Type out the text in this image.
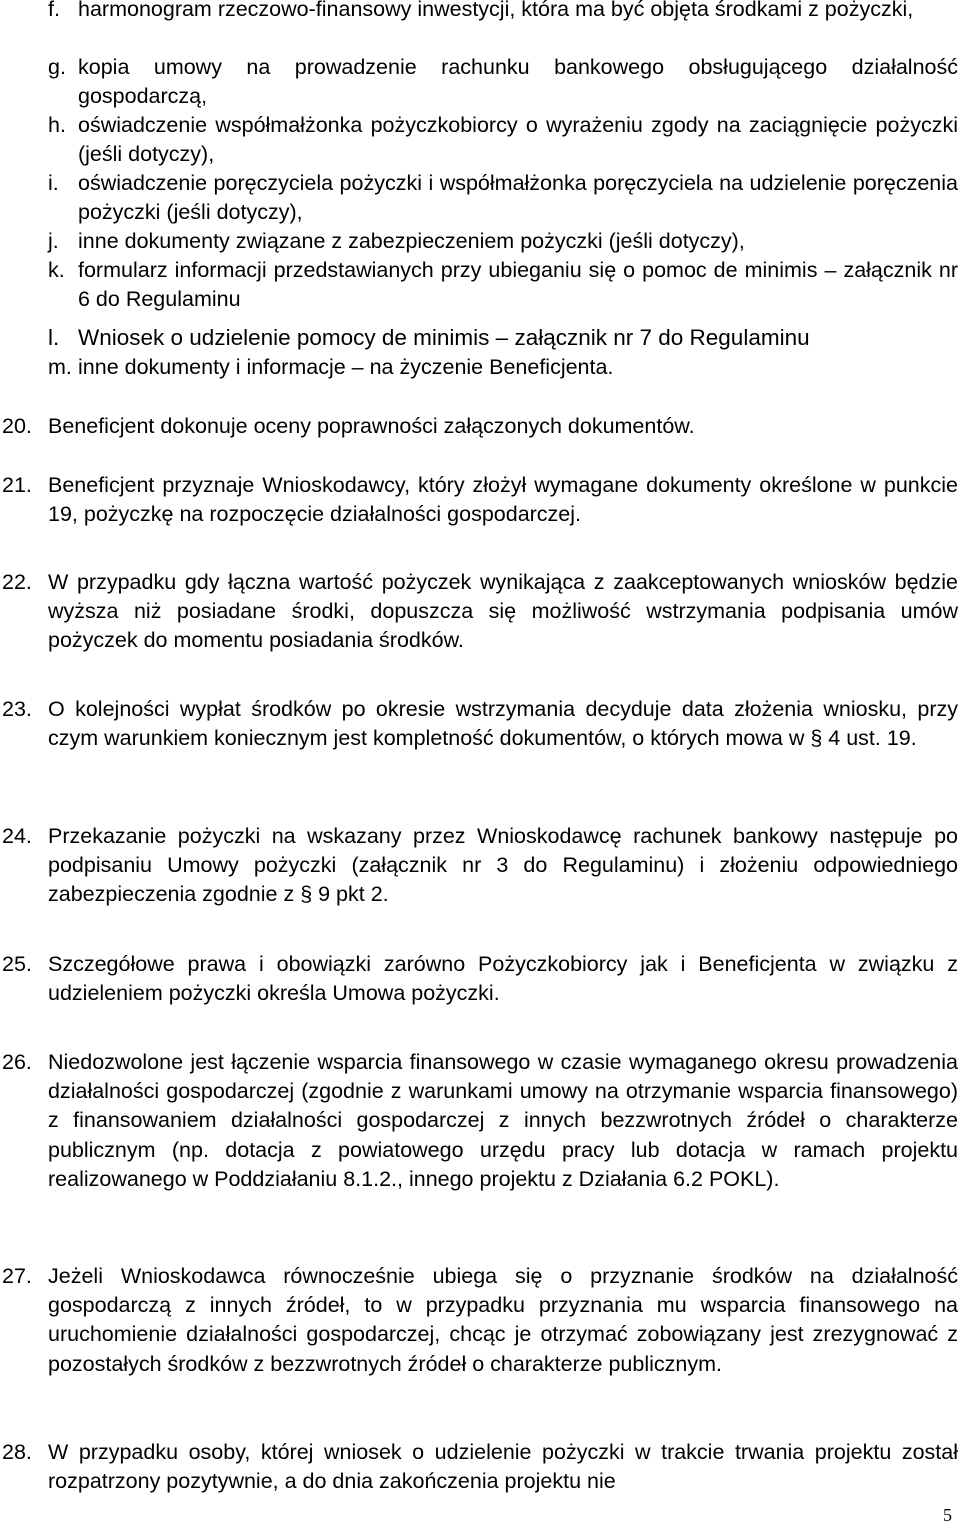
f. harmonogram rzeczowo-finansowy inwestycji, która ma być objęta środkami z pożyczki,
g. kopia umowy na prowadzenie rachunku bankowego obsługującego działalność gospodarczą,
h. oświadczenie współmałżonka pożyczkobiorcy o wyrażeniu zgody na zaciągnięcie pożyczki (jeśli dotyczy),
i. oświadczenie poręczyciela pożyczki i współmałżonka poręczyciela na udzielenie poręczenia pożyczki (jeśli dotyczy),
j. inne dokumenty związane z zabezpieczeniem pożyczki (jeśli dotyczy),
k. formularz informacji przedstawianych przy ubieganiu się o pomoc de minimis – załącznik nr 6 do Regulaminu
l. Wniosek o udzielenie pomocy de minimis – załącznik nr 7 do Regulaminu
m. inne dokumenty i informacje – na życzenie Beneficjenta.
20. Beneficjent dokonuje oceny poprawności załączonych dokumentów.
21. Beneficjent przyznaje Wnioskodawcy, który złożył wymagane dokumenty określone w punkcie 19, pożyczkę na rozpoczęcie działalności gospodarczej.
22. W przypadku gdy łączna wartość pożyczek wynikająca z zaakceptowanych wniosków będzie wyższa niż posiadane środki, dopuszcza się możliwość wstrzymania podpisania umów pożyczek do momentu posiadania środków.
23. O kolejności wypłat środków po okresie wstrzymania decyduje data złożenia wniosku, przy czym warunkiem koniecznym jest kompletność dokumentów, o których mowa w § 4 ust. 19.
24. Przekazanie pożyczki na wskazany przez Wnioskodawcę rachunek bankowy następuje po podpisaniu Umowy pożyczki (załącznik nr 3 do Regulaminu) i złożeniu odpowiedniego zabezpieczenia zgodnie z § 9 pkt 2.
25. Szczegółowe prawa i obowiązki zarówno Pożyczkobiorcy jak i Beneficjenta w związku z udzieleniem pożyczki określa Umowa pożyczki.
26. Niedozwolone jest łączenie wsparcia finansowego w czasie wymaganego okresu prowadzenia działalności gospodarczej (zgodnie z warunkami umowy na otrzymanie wsparcia finansowego) z finansowaniem działalności gospodarczej z innych bezzwrotnych źródeł o charakterze publicznym (np. dotacja z powiatowego urzędu pracy lub dotacja w ramach projektu realizowanego w Poddziałaniu 8.1.2., innego projektu z Działania 6.2 POKL).
27. Jeżeli Wnioskodawca równocześnie ubiega się o przyznanie środków na działalność gospodarczą z innych źródeł, to w przypadku przyznania mu wsparcia finansowego na uruchomienie działalności gospodarczej, chcąc je otrzymać zobowiązany jest zrezygnować z pozostałych środków z bezzwrotnych źródeł o charakterze publicznym.
28. W przypadku osoby, której wniosek o udzielenie pożyczki w trakcie trwania projektu został rozpatrzony pozytywnie, a do dnia zakończenia projektu nie
5
